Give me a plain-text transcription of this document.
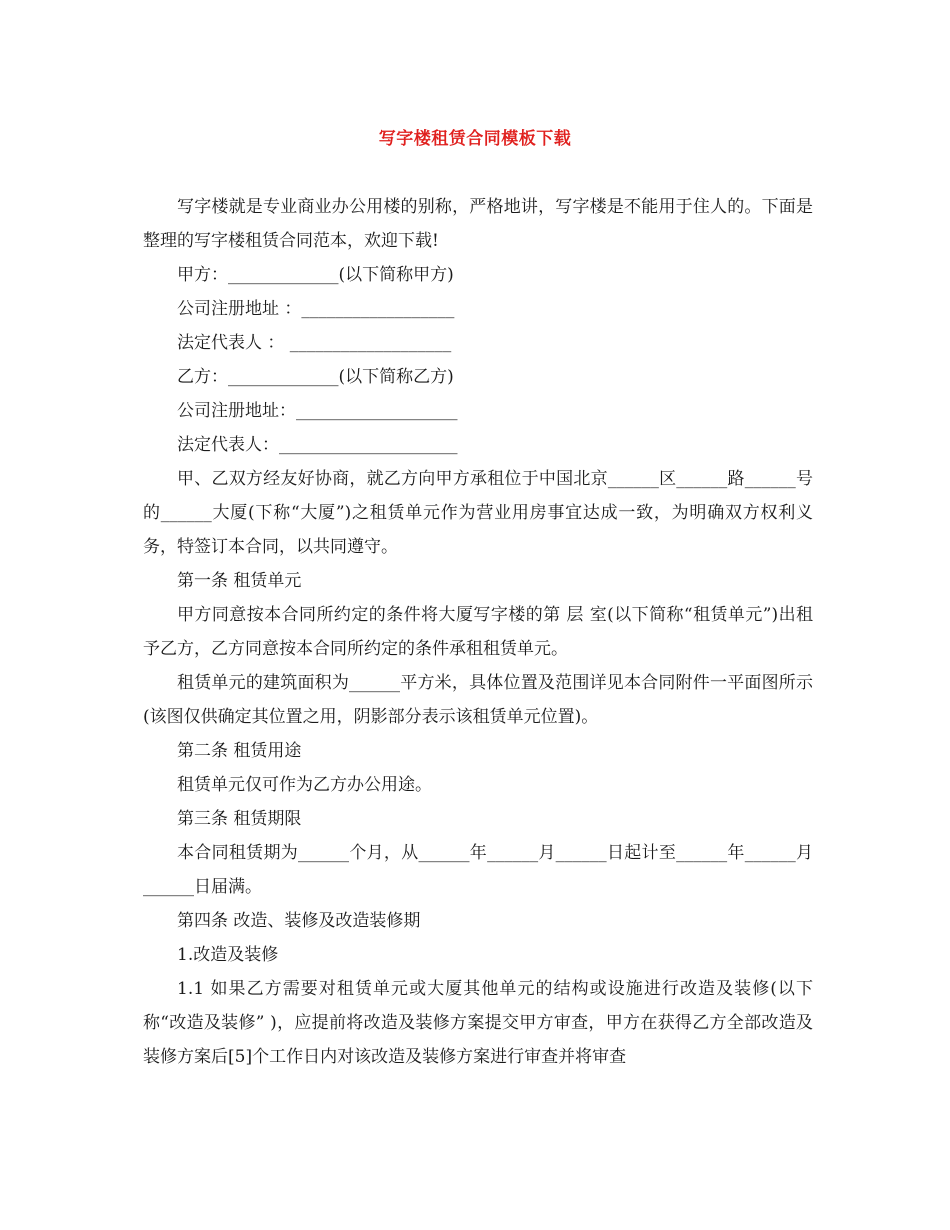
写字楼租赁合同模板下载

写字楼就是专业商业办公用楼的别称，严格地讲，写字楼是不能用于住人的。下面是整理的写字楼租赁合同范本，欢迎下载!

甲方：_____________(以下简称甲方)

公司注册地址 ：__________________

法定代表人 ： ___________________

乙方：_____________(以下简称乙方)

公司注册地址：___________________

法定代表人：_____________________

甲、乙双方经友好协商，就乙方向甲方承租位于中国北京______区______路______号的______大厦(下称“大厦”)之租赁单元作为营业用房事宜达成一致，为明确双方权利义务，特签订本合同，以共同遵守。

第一条 租赁单元

甲方同意按本合同所约定的条件将大厦写字楼的第 层 室(以下简称“租赁单元”)出租予乙方，乙方同意按本合同所约定的条件承租租赁单元。

租赁单元的建筑面积为______平方米，具体位置及范围详见本合同附件一平面图所示(该图仅供确定其位置之用，阴影部分表示该租赁单元位置)。

第二条 租赁用途

租赁单元仅可作为乙方办公用途。

第三条 租赁期限

本合同租赁期为______个月，从______年______月______日起计至______年______月______日届满。

第四条 改造、装修及改造装修期

1.改造及装修

1.1 如果乙方需要对租赁单元或大厦其他单元的结构或设施进行改造及装修(以下称“改造及装修” )，应提前将改造及装修方案提交甲方审查，甲方在获得乙方全部改造及装修方案后[5]个工作日内对该改造及装修方案进行审查并将审查
